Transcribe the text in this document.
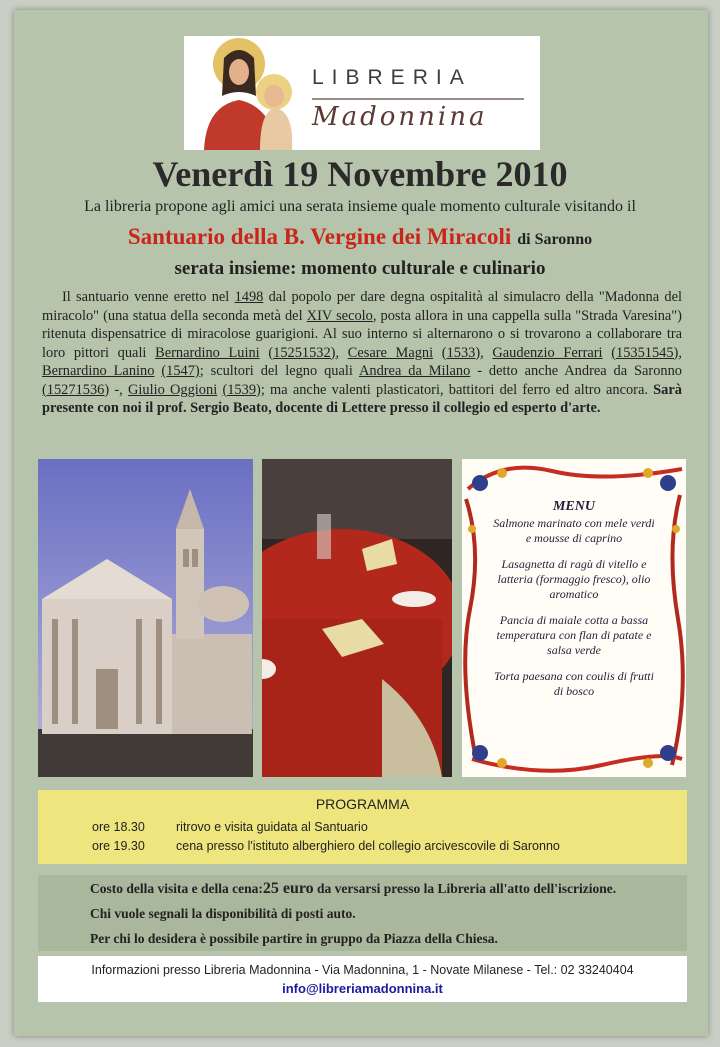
LIBRERIA
Madonnina
Venerdì 19 Novembre 2010
La libreria propone agli amici una serata insieme quale momento culturale visitando il
Santuario della B. Vergine dei Miracoli di Saronno
serata insieme: momento culturale e culinario
Il santuario venne eretto nel 1498 dal popolo per dare degna ospitalità al simulacro della "Madonna del miracolo" (una statua della seconda metà del XIV secolo, posta allora in una cappella sulla "Strada Varesina") ritenuta dispensatrice di miracolose guarigioni. Al suo interno si alternarono o si trovarono a collaborare tra loro pittori quali Bernardino Luini (15251532), Cesare Magni (1533), Gaudenzio Ferrari (15351545), Bernardino Lanino (1547); scultori del legno quali Andrea da Milano - detto anche Andrea da Saronno (15271536) -, Giulio Oggioni (1539); ma anche valenti plasticatori, battitori del ferro ed altro ancora. Sarà presente con noi il prof. Sergio Beato, docente di Lettere presso il collegio ed esperto d'arte.
MENU
Salmone marinato con mele verdi e mousse di caprino
Lasagnetta di ragù di vitello e latteria (formaggio fresco), olio aromatico
Pancia di maiale cotta a bassa temperatura con flan di patate e salsa verde
Torta paesana con coulis di frutti di bosco
PROGRAMMA
ore 18.30 ritrovo e visita guidata al Santuario
ore 19.30 cena presso l'istituto alberghiero del collegio arcivescovile di Saronno
Costo della visita e della cena:25 euro da versarsi presso la Libreria all'atto dell'iscrizione.
Chi vuole segnali la disponibilità di posti auto.
Per chi lo desidera è possibile partire in gruppo da Piazza della Chiesa.
Informazioni presso Libreria Madonnina - Via Madonnina, 1 - Novate Milanese - Tel.: 02 33240404
info@libreriamadonnina.it
